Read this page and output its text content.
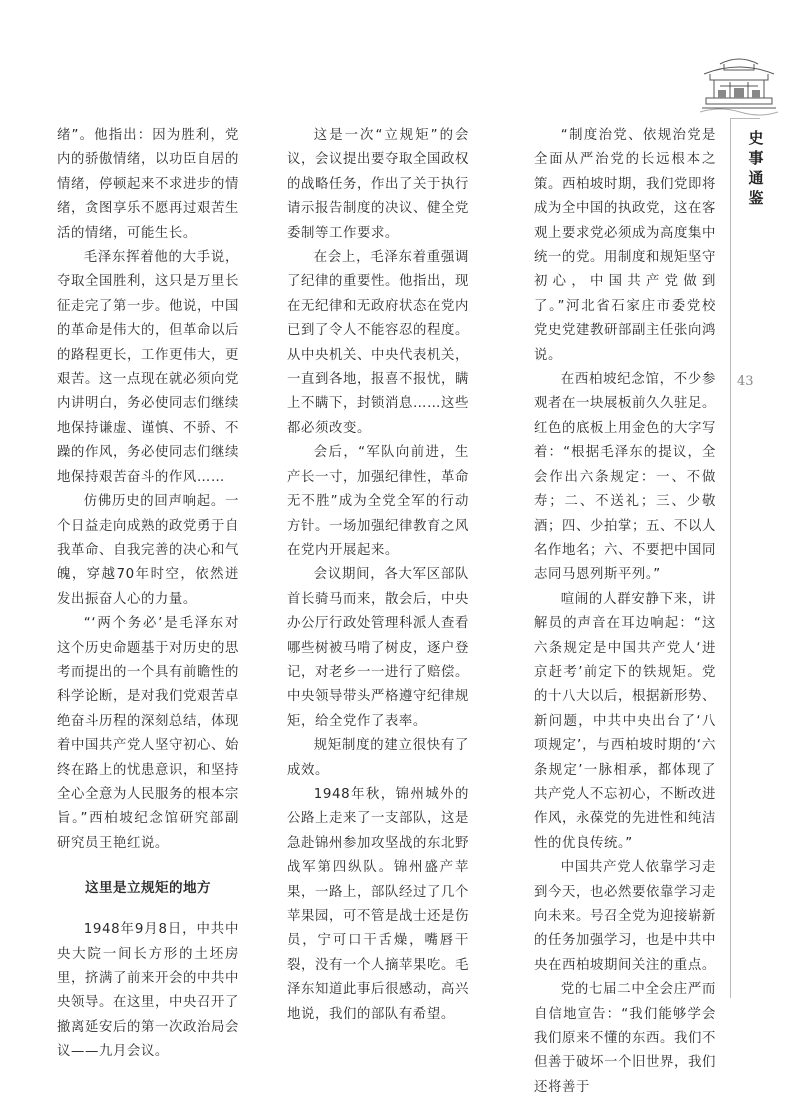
史事通鉴
43

绪”。他指出：因为胜利，党内的骄傲情绪，以功臣自居的情绪，停顿起来不求进步的情绪，贪图享乐不愿再过艰苦生活的情绪，可能生长。

毛泽东挥着他的大手说，夺取全国胜利，这只是万里长征走完了第一步。他说，中国的革命是伟大的，但革命以后的路程更长，工作更伟大，更艰苦。这一点现在就必须向党内讲明白，务必使同志们继续地保持谦虚、谨慎、不骄、不躁的作风，务必使同志们继续地保持艰苦奋斗的作风……

仿佛历史的回声响起。一个日益走向成熟的政党勇于自我革命、自我完善的决心和气魄，穿越70年时空，依然迸发出振奋人心的力量。

“‘两个务必’是毛泽东对这个历史命题基于对历史的思考而提出的一个具有前瞻性的科学论断，是对我们党艰苦卓绝奋斗历程的深刻总结，体现着中国共产党人坚守初心、始终在路上的忧患意识，和坚持全心全意为人民服务的根本宗旨。”西柏坡纪念馆研究部副研究员王艳红说。

这里是立规矩的地方

1948年9月8日，中共中央大院一间长方形的土坯房里，挤满了前来开会的中共中央领导。在这里，中央召开了撤离延安后的第一次政治局会议——九月会议。

这是一次“立规矩”的会议，会议提出要夺取全国政权的战略任务，作出了关于执行请示报告制度的决议、健全党委制等工作要求。

在会上，毛泽东着重强调了纪律的重要性。他指出，现在无纪律和无政府状态在党内已到了令人不能容忍的程度。从中央机关、中央代表机关，一直到各地，报喜不报忧，瞒上不瞒下，封锁消息……这些都必须改变。

会后，“军队向前进，生产长一寸，加强纪律性，革命无不胜”成为全党全军的行动方针。一场加强纪律教育之风在党内开展起来。

会议期间，各大军区部队首长骑马而来，散会后，中央办公厅行政处管理科派人查看哪些树被马啃了树皮，逐户登记，对老乡一一进行了赔偿。中央领导带头严格遵守纪律规矩，给全党作了表率。

规矩制度的建立很快有了成效。

1948年秋，锦州城外的公路上走来了一支部队，这是急赴锦州参加攻坚战的东北野战军第四纵队。锦州盛产苹果，一路上，部队经过了几个苹果园，可不管是战士还是伤员，宁可口干舌燥，嘴唇干裂，没有一个人摘苹果吃。毛泽东知道此事后很感动，高兴地说，我们的部队有希望。

“制度治党、依规治党是全面从严治党的长远根本之策。西柏坡时期，我们党即将成为全中国的执政党，这在客观上要求党必须成为高度集中统一的党。用制度和规矩坚守初心，中国共产党做到了。”河北省石家庄市委党校党史党建教研部副主任张向鸿说。

在西柏坡纪念馆，不少参观者在一块展板前久久驻足。红色的底板上用金色的大字写着：“根据毛泽东的提议，全会作出六条规定：一、不做寿；二、不送礼；三、少敬酒；四、少拍掌；五、不以人名作地名；六、不要把中国同志同马恩列斯平列。”

喧闹的人群安静下来，讲解员的声音在耳边响起：“这六条规定是中国共产党人‘进京赶考’前定下的铁规矩。党的十八大以后，根据新形势、新问题，中共中央出台了‘八项规定’，与西柏坡时期的‘六条规定’一脉相承，都体现了共产党人不忘初心，不断改进作风，永葆党的先进性和纯洁性的优良传统。”

中国共产党人依靠学习走到今天，也必然要依靠学习走向未来。号召全党为迎接崭新的任务加强学习，也是中共中央在西柏坡期间关注的重点。

党的七届二中全会庄严而自信地宣告：“我们能够学会我们原来不懂的东西。我们不但善于破坏一个旧世界，我们还将善于
